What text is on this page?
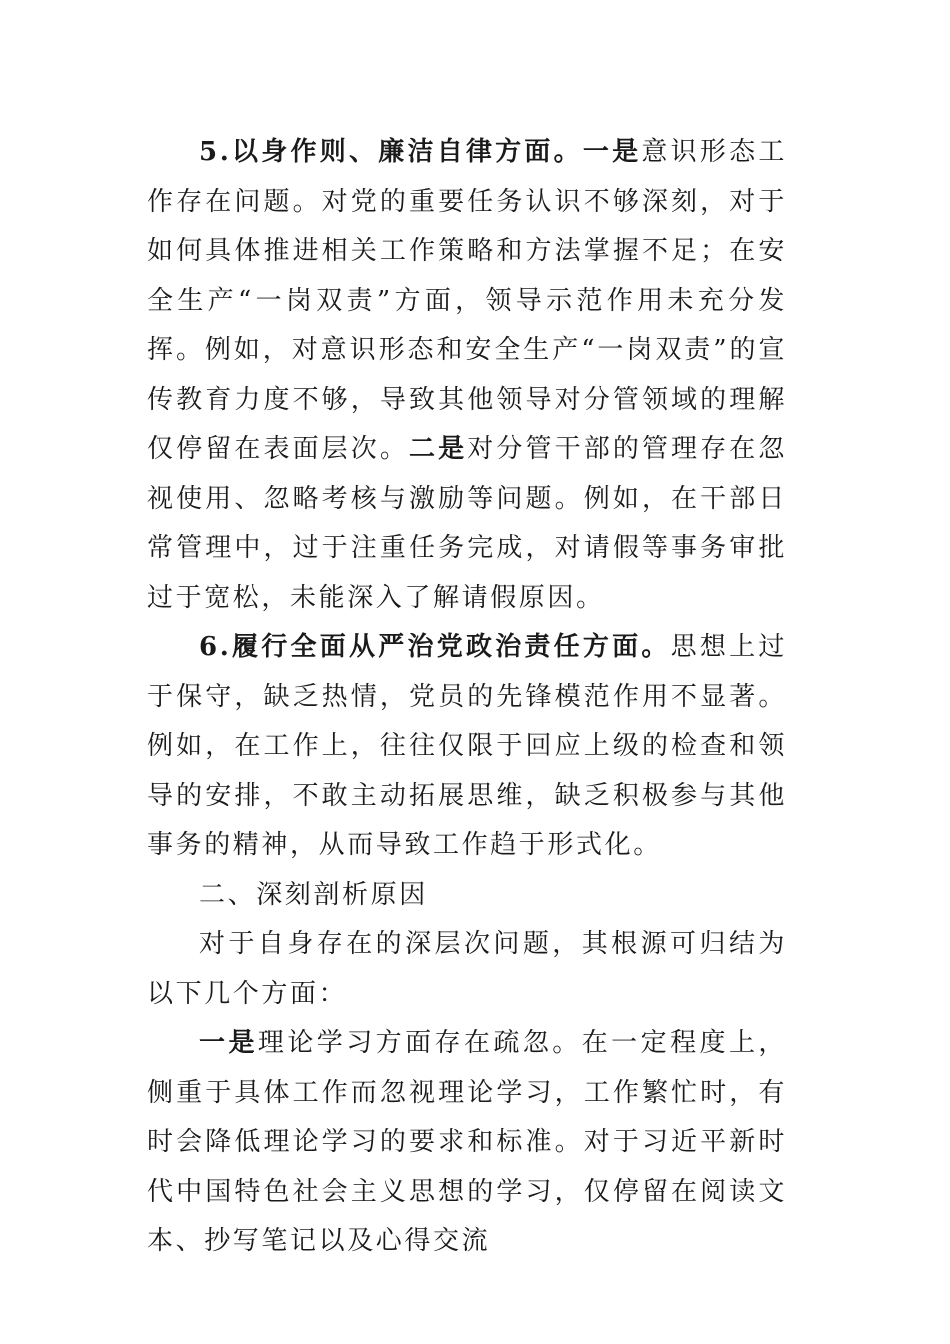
5.以身作则、廉洁自律方面。一是意识形态工作存在问题。对党的重要任务认识不够深刻，对于如何具体推进相关工作策略和方法掌握不足；在安全生产“一岗双责”方面，领导示范作用未充分发挥。例如，对意识形态和安全生产“一岗双责”的宣传教育力度不够，导致其他领导对分管领域的理解仅停留在表面层次。二是对分管干部的管理存在忽视使用、忽略考核与激励等问题。例如，在干部日常管理中，过于注重任务完成，对请假等事务审批过于宽松，未能深入了解请假原因。

6.履行全面从严治党政治责任方面。思想上过于保守，缺乏热情，党员的先锋模范作用不显著。例如，在工作上，往往仅限于回应上级的检查和领导的安排，不敢主动拓展思维，缺乏积极参与其他事务的精神，从而导致工作趋于形式化。

二、深刻剖析原因

对于自身存在的深层次问题，其根源可归结为以下几个方面：

一是理论学习方面存在疏忽。在一定程度上，侧重于具体工作而忽视理论学习，工作繁忙时，有时会降低理论学习的要求和标准。对于习近平新时代中国特色社会主义思想的学习，仅停留在阅读文本、抄写笔记以及心得交流
